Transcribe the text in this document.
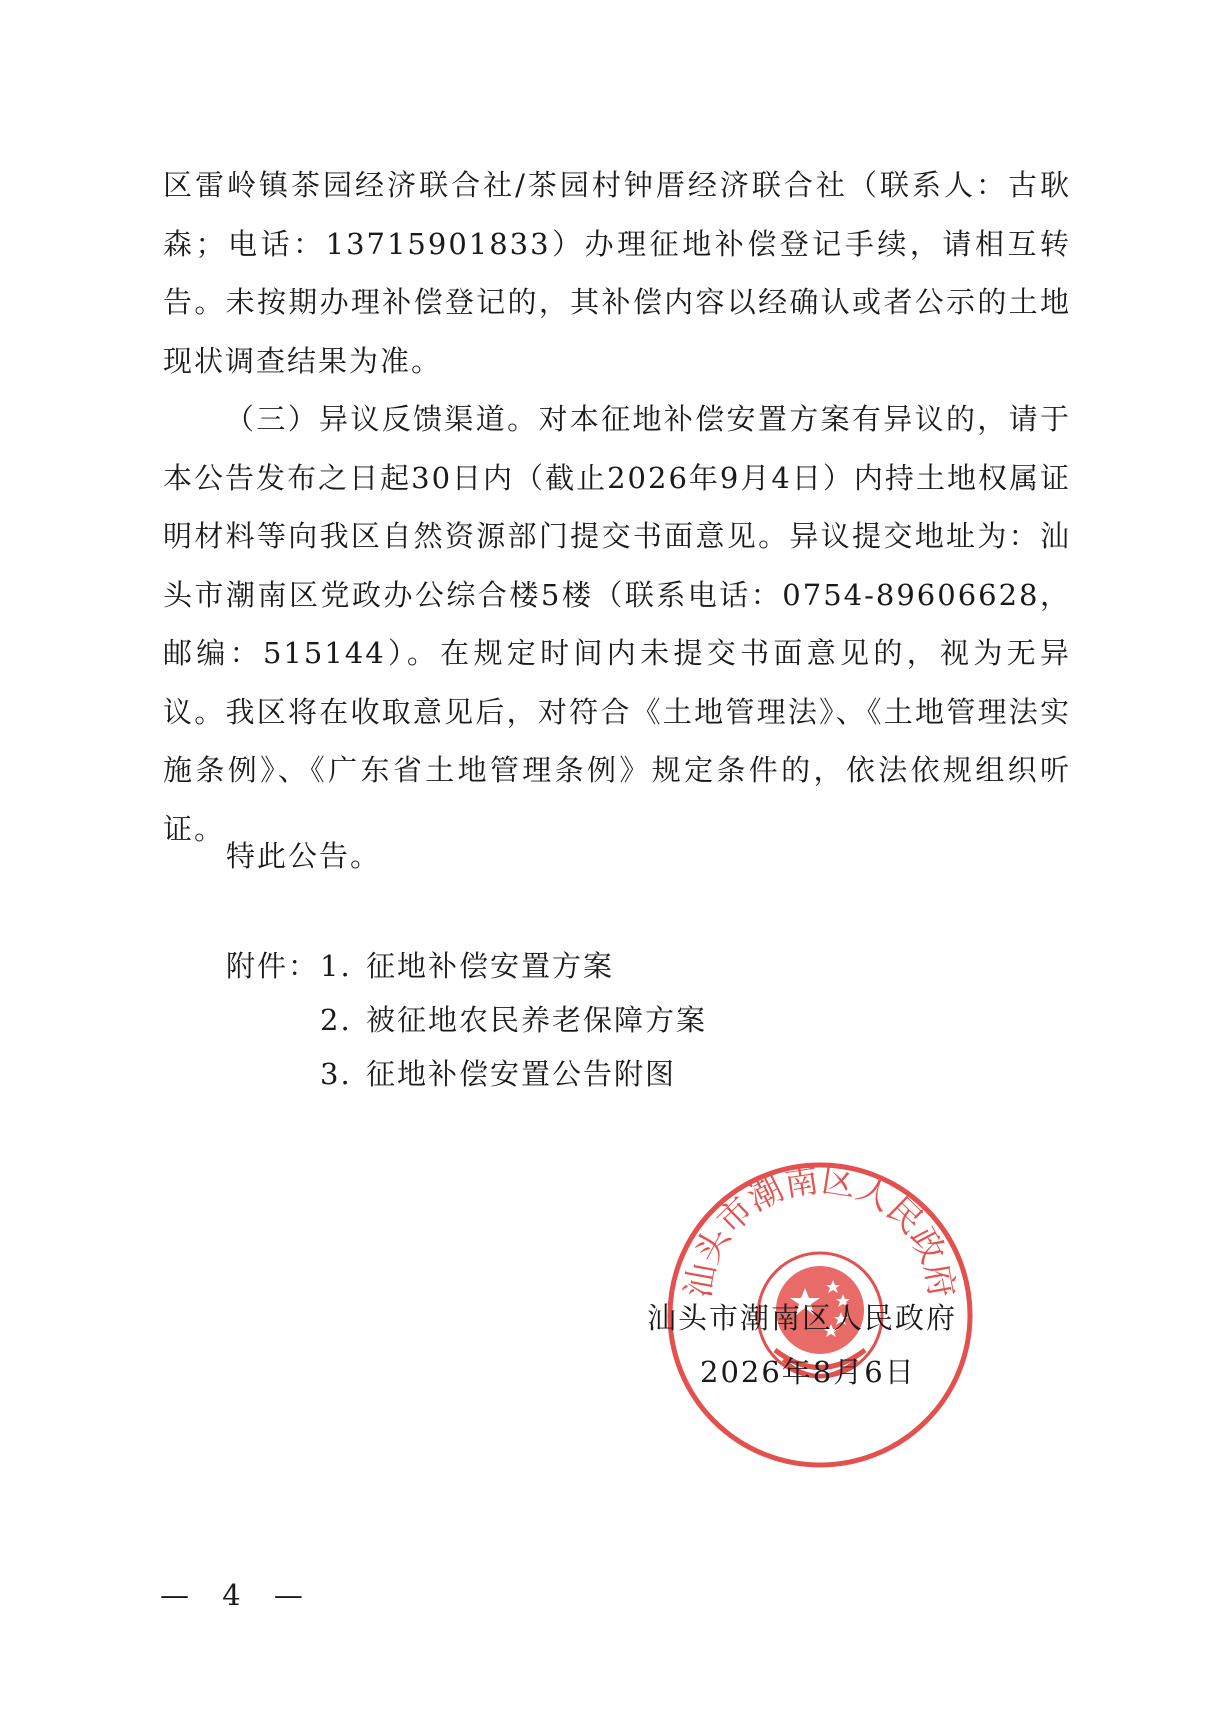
区雷岭镇茶园经济联合社/茶园村钟厝经济联合社（联系人：古耿森；电话：13715901833）办理征地补偿登记手续，请相互转告。未按期办理补偿登记的，其补偿内容以经确认或者公示的土地现状调查结果为准。

（三）异议反馈渠道。对本征地补偿安置方案有异议的，请于本公告发布之日起30日内（截止2026年9月4日）内持土地权属证明材料等向我区自然资源部门提交书面意见。异议提交地址为：汕头市潮南区党政办公综合楼5楼（联系电话：0754-89606628，邮编：515144）。在规定时间内未提交书面意见的，视为无异议。我区将在收取意见后，对符合《土地管理法》、《土地管理法实施条例》、《广东省土地管理条例》规定条件的，依法依规组织听证。

特此公告。
附件： 1. 征地补偿安置方案
2. 被征地农民养老保障方案
3. 征地补偿安置公告附图
汕头市潮南区人民政府
汕头市潮南区人民政府
2026年8月6日
— 4 —
